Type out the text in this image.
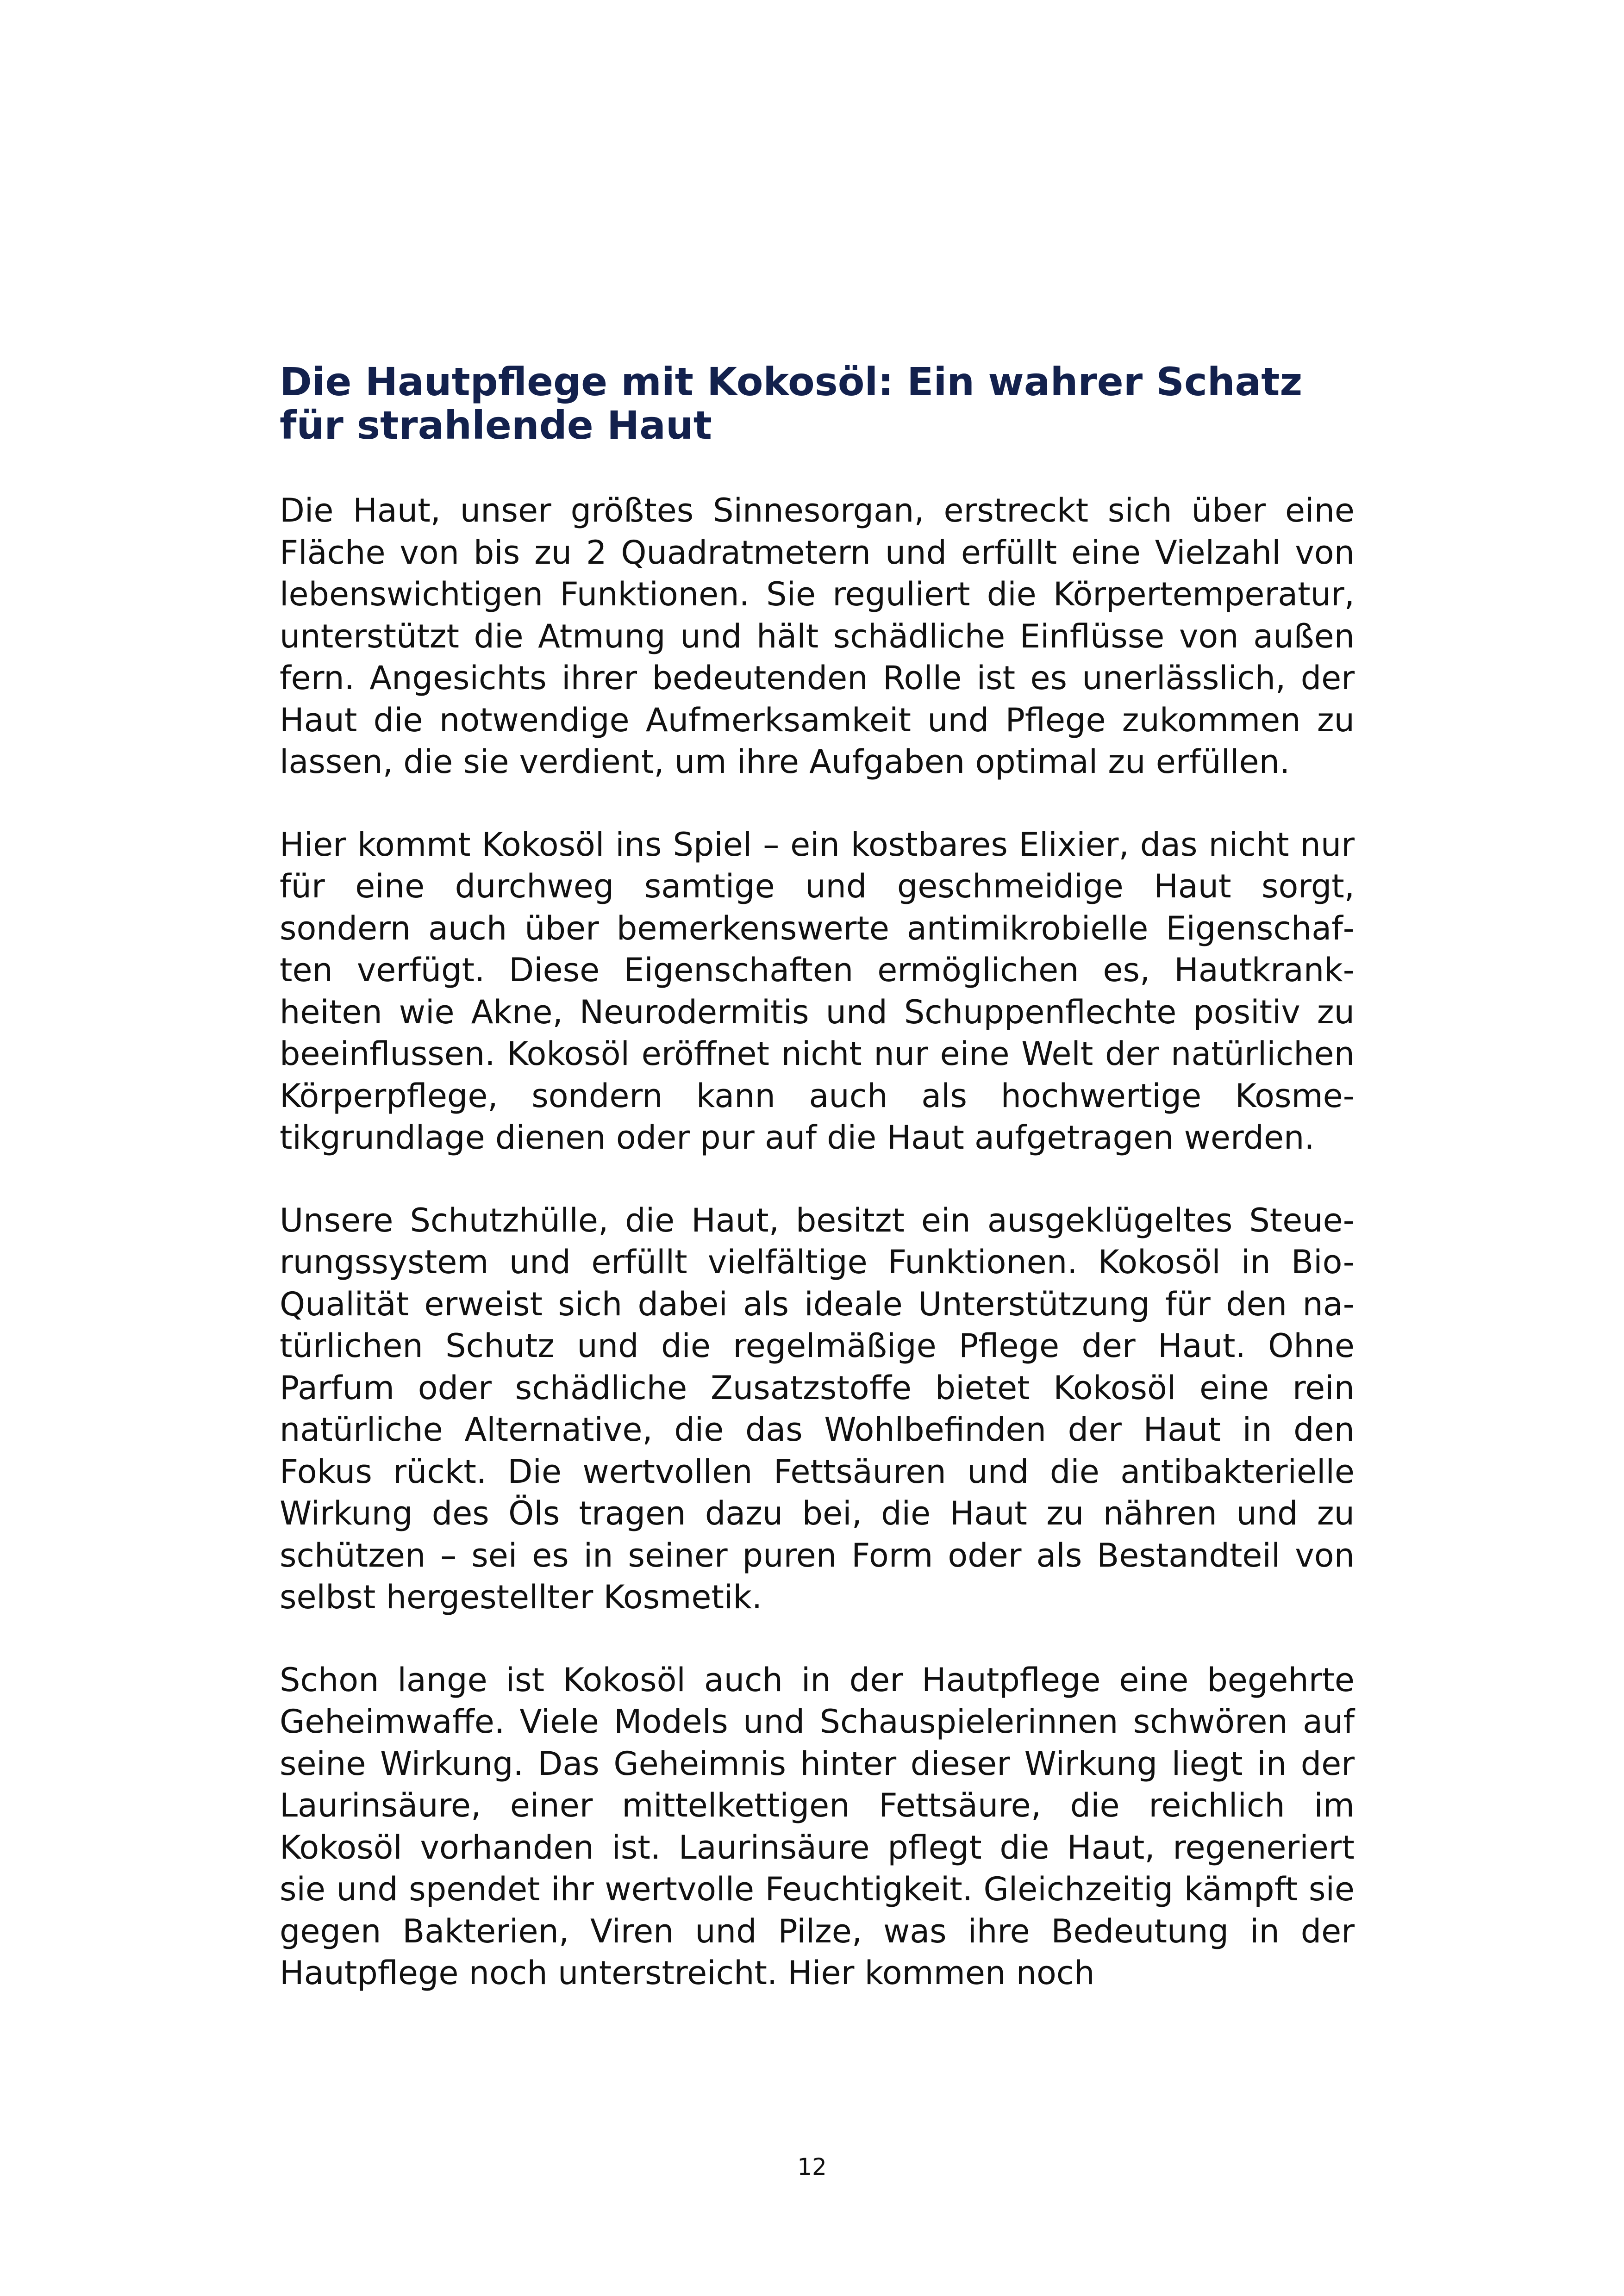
Die Hautpflege mit Kokosöl: Ein wahrer Schatz für strahlende Haut

Die Haut, unser größtes Sinnesorgan, erstreckt sich über eine Fläche von bis zu 2 Quadratmetern und erfüllt eine Vielzahl von lebenswichtigen Funktionen. Sie reguliert die Körpertemperatur, unterstützt die Atmung und hält schädliche Einflüsse von außen fern. Angesichts ihrer bedeutenden Rolle ist es unerlässlich, der Haut die notwendige Aufmerksamkeit und Pflege zukommen zu lassen, die sie verdient, um ihre Aufgaben optimal zu erfüllen.

Hier kommt Kokosöl ins Spiel – ein kostbares Elixier, das nicht nur für eine durchweg samtige und geschmeidige Haut sorgt, sondern auch über bemerkenswerte antimikrobielle Eigenschaften verfügt. Diese Eigenschaften ermöglichen es, Hautkrankheiten wie Akne, Neurodermitis und Schuppenflechte positiv zu beeinflussen. Kokosöl eröffnet nicht nur eine Welt der natürlichen Körperpflege, sondern kann auch als hochwertige Kosmetikgrundlage dienen oder pur auf die Haut aufgetragen werden.

Unsere Schutzhülle, die Haut, besitzt ein ausgeklügeltes Steuerungssystem und erfüllt vielfältige Funktionen. Kokosöl in Bio-Qualität erweist sich dabei als ideale Unterstützung für den natürlichen Schutz und die regelmäßige Pflege der Haut. Ohne Parfum oder schädliche Zusatzstoffe bietet Kokosöl eine rein natürliche Alternative, die das Wohlbefinden der Haut in den Fokus rückt. Die wertvollen Fettsäuren und die antibakterielle Wirkung des Öls tragen dazu bei, die Haut zu nähren und zu schützen – sei es in seiner puren Form oder als Bestandteil von selbst hergestellter Kosmetik.

Schon lange ist Kokosöl auch in der Hautpflege eine begehrte Geheimwaffe. Viele Models und Schauspielerinnen schwören auf seine Wirkung. Das Geheimnis hinter dieser Wirkung liegt in der Laurinsäure, einer mittelkettigen Fettsäure, die reichlich im Kokosöl vorhanden ist. Laurinsäure pflegt die Haut, regeneriert sie und spendet ihr wertvolle Feuchtigkeit. Gleichzeitig kämpft sie gegen Bakterien, Viren und Pilze, was ihre Bedeutung in der Hautpflege noch unterstreicht. Hier kommen noch

12
